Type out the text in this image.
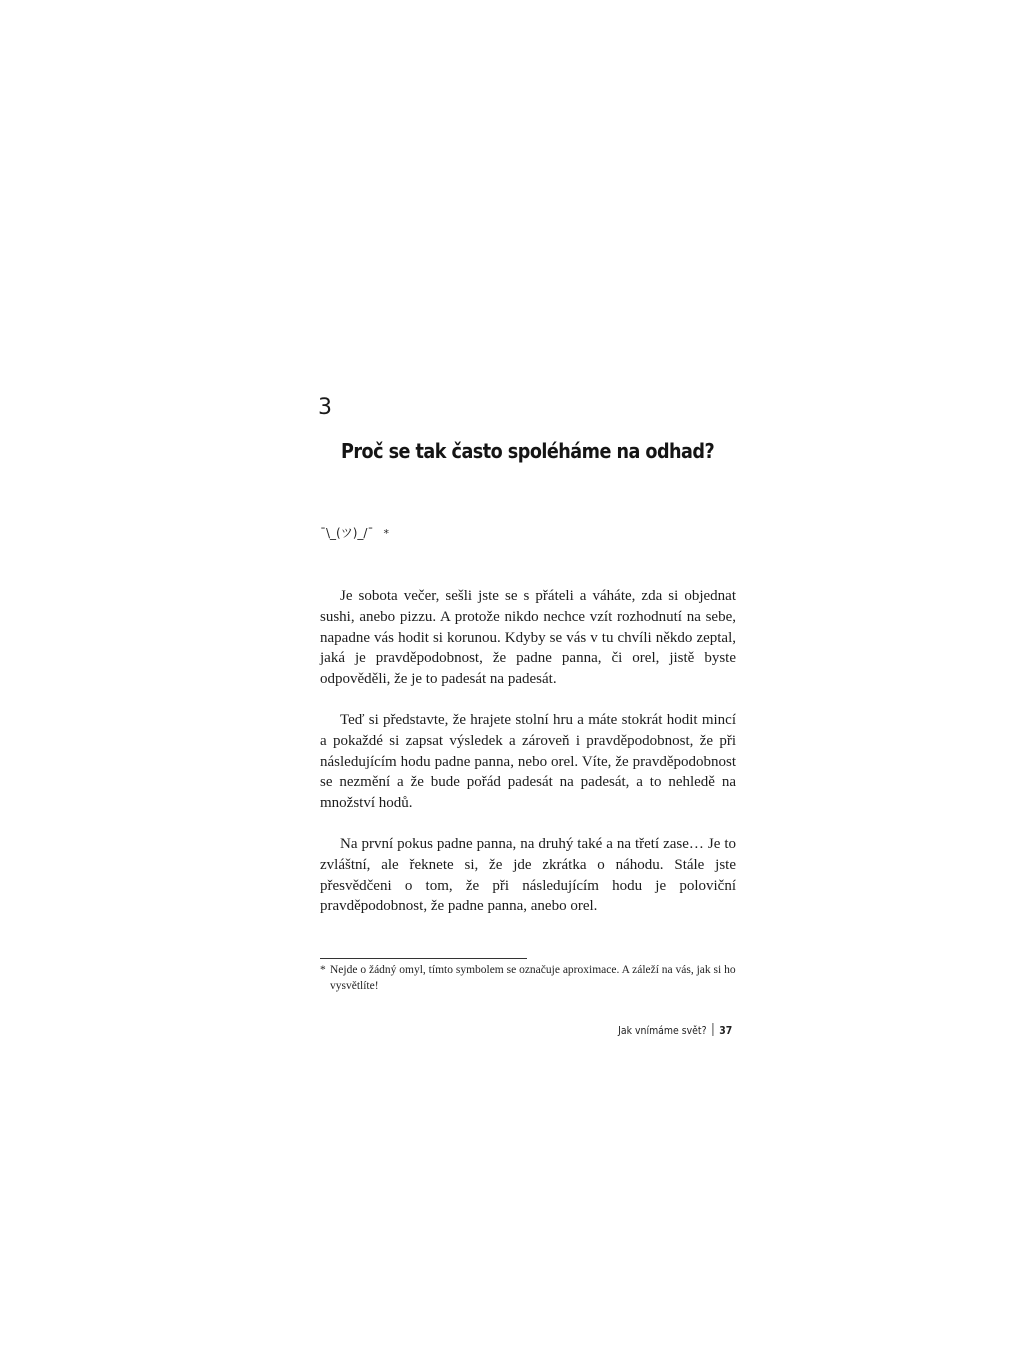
3
Proč se tak často spoléháme na odhad?
¯\_(ツ)_/¯ *

Je sobota večer, sešli jste se s přáteli a váháte, zda si objednat sushi, anebo pizzu. A protože nikdo nechce vzít rozhodnutí na sebe, napadne vás hodit si korunou. Kdyby se vás v tu chvíli někdo zeptal, jaká je pravděpodobnost, že padne panna, či orel, jistě byste odpověděli, že je to padesát na padesát.

Teď si představte, že hrajete stolní hru a máte stokrát hodit mincí a pokaždé si zapsat výsledek a zároveň i pravděpodobnost, že při následujícím hodu padne panna, nebo orel. Víte, že pravděpodobnost se nezmění a že bude pořád padesát na padesát, a to nehledě na množství hodů.

Na první pokus padne panna, na druhý také a na třetí zase… Je to zvláštní, ale řeknete si, že jde zkrátka o náhodu. Stále jste přesvědčeni o tom, že při následujícím hodu je poloviční pravděpodobnost, že padne panna, anebo orel.

* Nejde o žádný omyl, tímto symbolem se označuje aproximace. A záleží na vás, jak si ho vysvětlíte!
Jak vnímáme svět? 37
